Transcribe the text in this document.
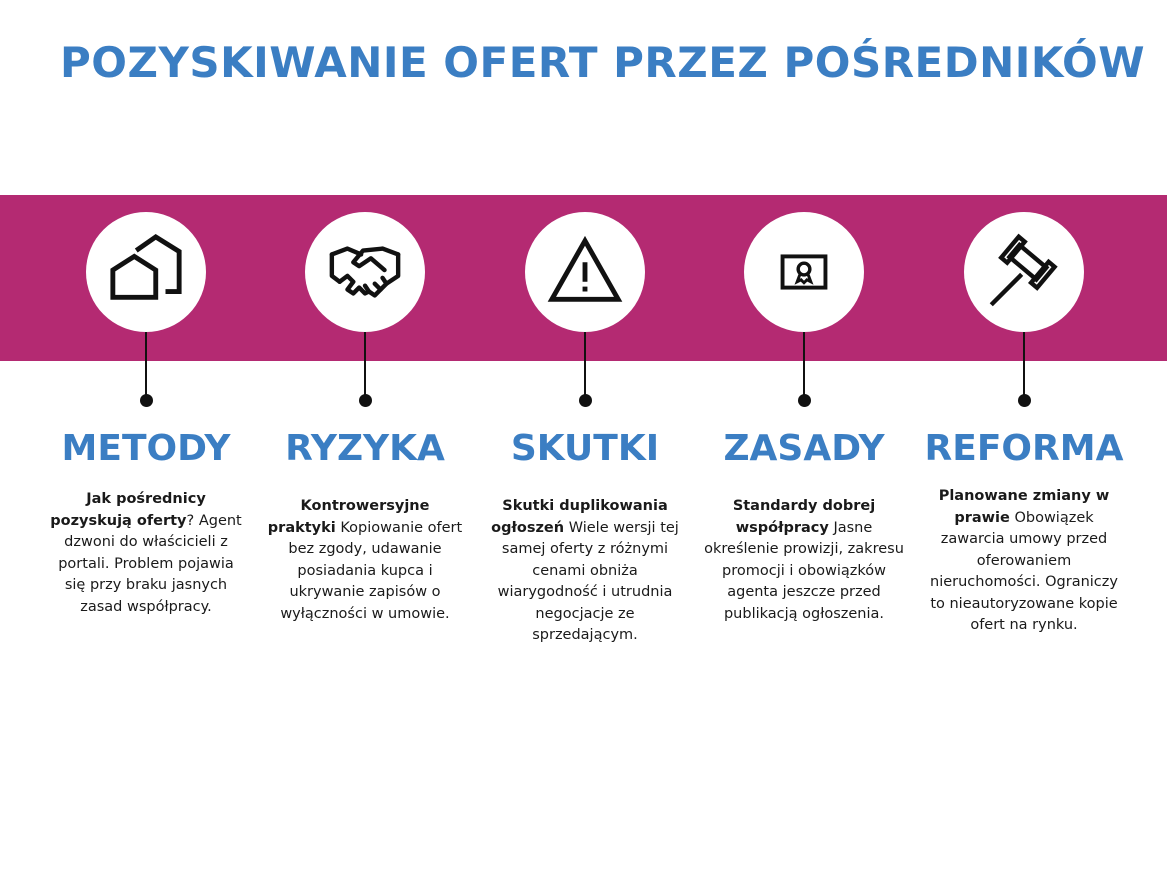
POZYSKIWANIE OFERT PRZEZ POŚREDNIKÓW
METODY
Jak pośrednicy pozyskują oferty? Agent dzwoni do właścicieli z portali. Problem pojawia się przy braku jasnych zasad współpracy.
RYZYKA
Kontrowersyjne praktyki Kopiowanie ofert bez zgody, udawanie posiadania kupca i ukrywanie zapisów o wyłączności w umowie.
SKUTKI
Skutki duplikowania ogłoszeń Wiele wersji tej samej oferty z różnymi cenami obniża wiarygodność i utrudnia negocjacje ze sprzedającym.
ZASADY
Standardy dobrej współpracy Jasne określenie prowizji, zakresu promocji i obowiązków agenta jeszcze przed publikacją ogłoszenia.
REFORMA
Planowane zmiany w prawie Obowiązek zawarcia umowy przed oferowaniem nieruchomości. Ograniczy to nieautoryzowane kopie ofert na rynku.
